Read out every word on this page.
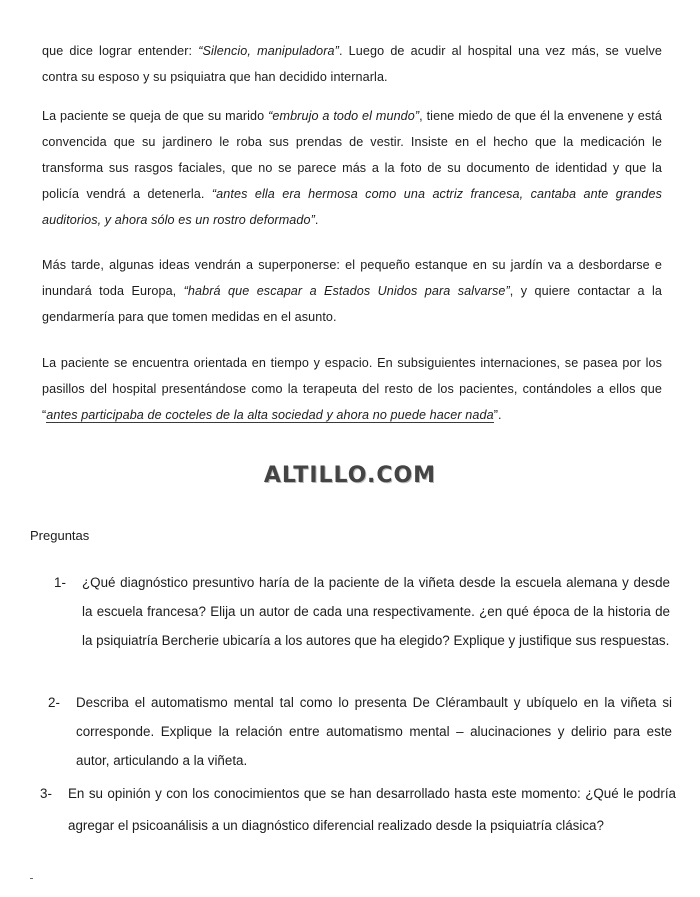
que dice lograr entender: “Silencio, manipuladora”. Luego de acudir al hospital una vez más, se vuelve contra su esposo y su psiquiatra que han decidido internarla.

La paciente se queja de que su marido “embrujo a todo el mundo”, tiene miedo de que él la envenene y está convencida que su jardinero le roba sus prendas de vestir. Insiste en el hecho que la medicación le transforma sus rasgos faciales, que no se parece más a la foto de su documento de identidad y que la policía vendrá a detenerla. “antes ella era hermosa como una actriz francesa, cantaba ante grandes auditorios, y ahora sólo es un rostro deformado”.

Más tarde, algunas ideas vendrán a superponerse: el pequeño estanque en su jardín va a desbordarse e inundará toda Europa, “habrá que escapar a Estados Unidos para salvarse”, y quiere contactar a la gendarmería para que tomen medidas en el asunto.

La paciente se encuentra orientada en tiempo y espacio. En subsiguientes internaciones, se pasea por los pasillos del hospital presentándose como la terapeuta del resto de los pacientes, contándoles a ellos que “antes participaba de cocteles de la alta sociedad y ahora no puede hacer nada”.

ALTILLO.COM

Preguntas

1- ¿Qué diagnóstico presuntivo haría de la paciente de la viñeta desde la escuela alemana y desde la escuela francesa? Elija un autor de cada una respectivamente. ¿en qué época de la historia de la psiquiatría Bercherie ubicaría a los autores que ha elegido? Explique y justifique sus respuestas.
2- Describa el automatismo mental tal como lo presenta De Clérambault y ubíquelo en la viñeta si corresponde. Explique la relación entre automatismo mental – alucinaciones y delirio para este autor, articulando a la viñeta.
3- En su opinión y con los conocimientos que se han desarrollado hasta este momento: ¿Qué le podría agregar el psicoanálisis a un diagnóstico diferencial realizado desde la psiquiatría clásica?
